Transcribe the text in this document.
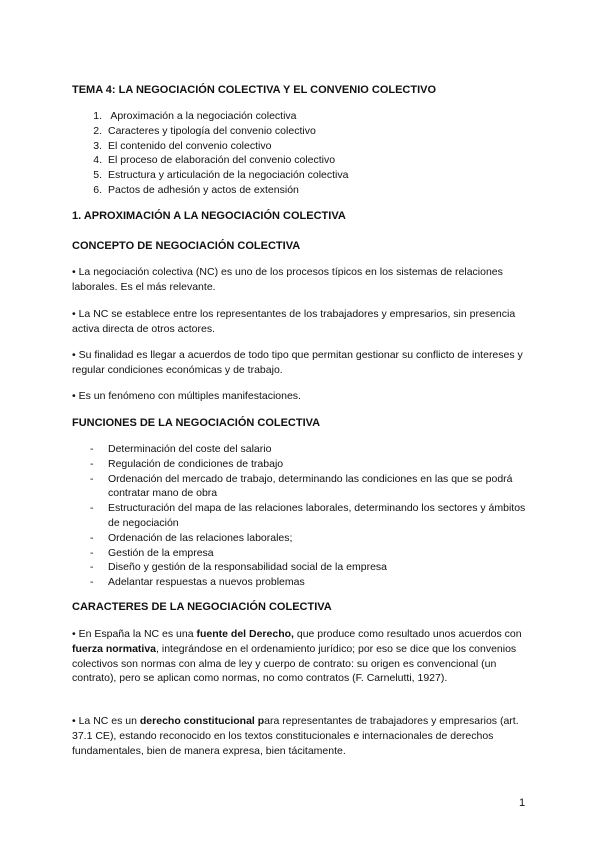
TEMA 4: LA NEGOCIACIÓN COLECTIVA Y EL CONVENIO COLECTIVO
1. Aproximación a la negociación colectiva
2. Caracteres y tipología del convenio colectivo
3. El contenido del convenio colectivo
4. El proceso de elaboración del convenio colectivo
5. Estructura y articulación de la negociación colectiva
6. Pactos de adhesión y actos de extensión
1. APROXIMACIÓN A LA NEGOCIACIÓN COLECTIVA
CONCEPTO DE NEGOCIACIÓN COLECTIVA

• La negociación colectiva (NC) es uno de los procesos típicos en los sistemas de relaciones laborales. Es el más relevante.

• La NC se establece entre los representantes de los trabajadores y empresarios, sin presencia activa directa de otros actores.

• Su finalidad es llegar a acuerdos de todo tipo que permitan gestionar su conflicto de intereses y regular condiciones económicas y de trabajo.

• Es un fenómeno con múltiples manifestaciones.

FUNCIONES DE LA NEGOCIACIÓN COLECTIVA
- Determinación del coste del salario
- Regulación de condiciones de trabajo
- Ordenación del mercado de trabajo, determinando las condiciones en las que se podrá contratar mano de obra
- Estructuración del mapa de las relaciones laborales, determinando los sectores y ámbitos de negociación
- Ordenación de las relaciones laborales;
- Gestión de la empresa
- Diseño y gestión de la responsabilidad social de la empresa
- Adelantar respuestas a nuevos problemas
CARACTERES DE LA NEGOCIACIÓN COLECTIVA

• En España la NC es una fuente del Derecho, que produce como resultado unos acuerdos con fuerza normativa, integrándose en el ordenamiento jurídico; por eso se dice que los convenios colectivos son normas con alma de ley y cuerpo de contrato: su origen es convencional (un contrato), pero se aplican como normas, no como contratos (F. Carnelutti, 1927).

• La NC es un derecho constitucional para representantes de trabajadores y empresarios (art. 37.1 CE), estando reconocido en los textos constitucionales e internacionales de derechos fundamentales, bien de manera expresa, bien tácitamente.

1
